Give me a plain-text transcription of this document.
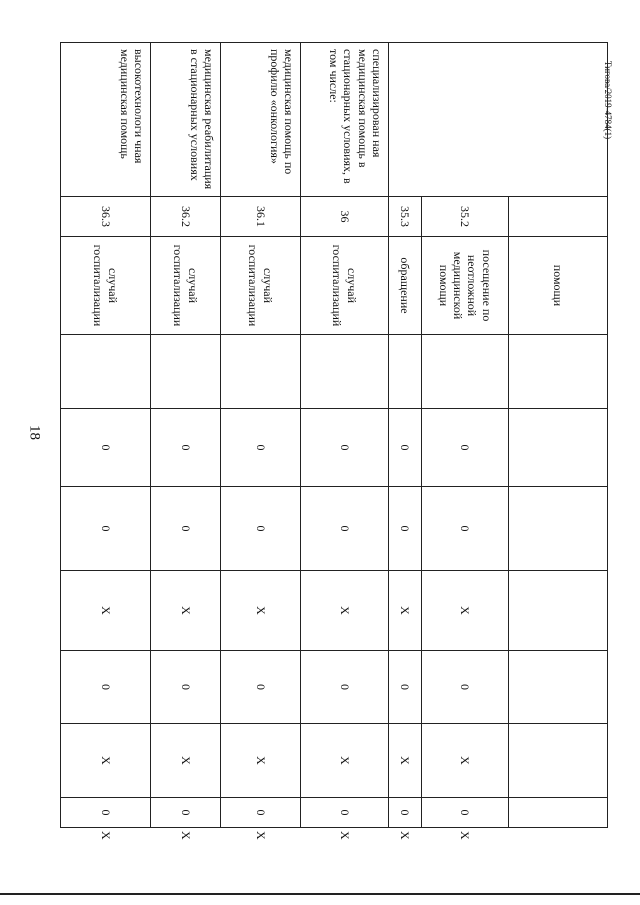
18
Тигова/2019-4784(1)
		помощи								
	35.2	посещение по неотложной медицинской помощи		0	0	X	0	X	0	X
	35.3	обращение		0	0	X	0	X	0	X
специализирован ная медицинская помощь в стационарных условиях, в том числе:	36	случай госпитализаций		0	0	X	0	X	0	X
медицинская помощь по профилю «онкология»	36.1	случай госпитализации		0	0	X	0	X	0	X
медицинская реабилитация в стационарных условиях	36.2	случай госпитализации		0	0	X	0	X	0	X
высокотехнологи чная медицинская помощь	36.3	случай госпитализации		0	0	X	0	X	0	X
